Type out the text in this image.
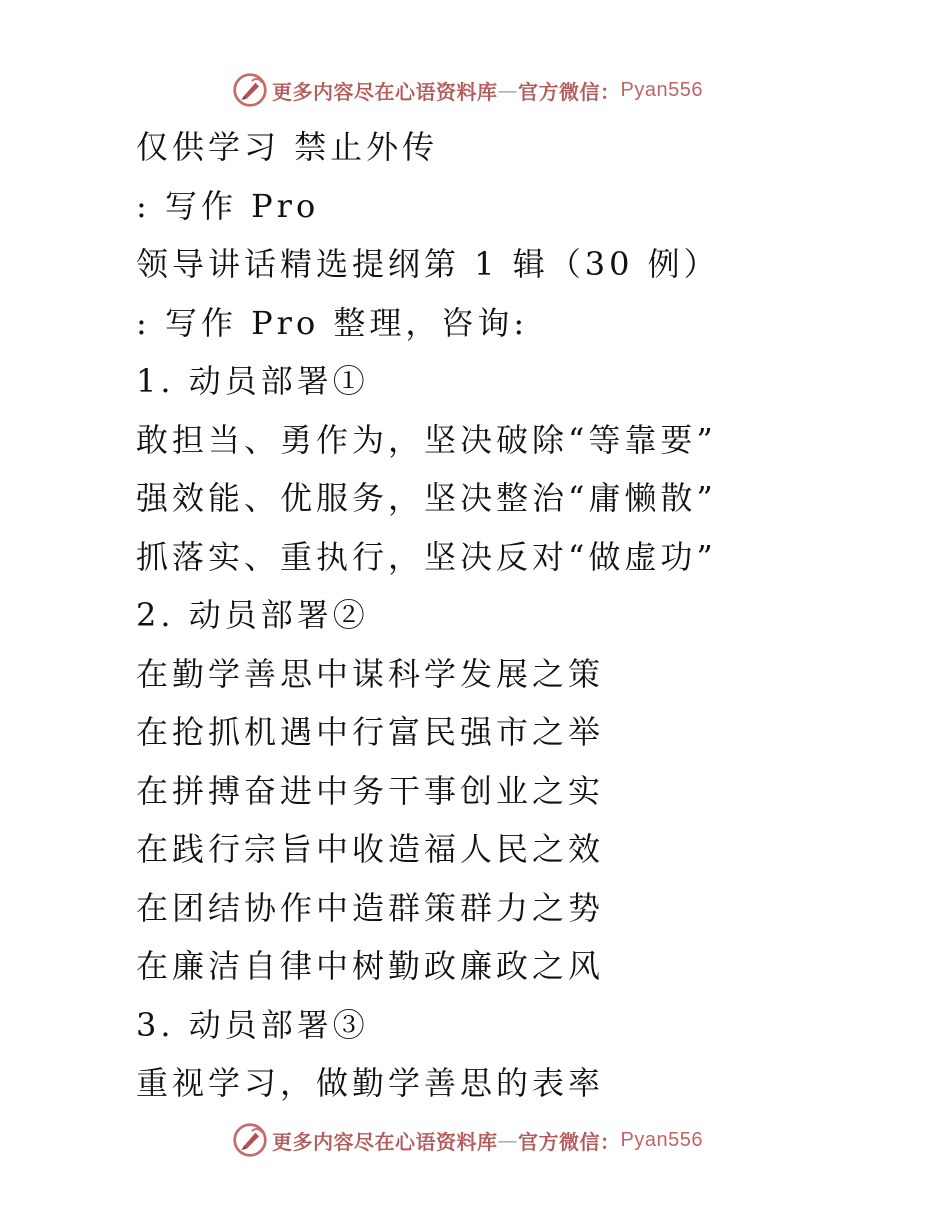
更多内容尽在心语资料库 — 官方微信： Pyan556
仅供学习 禁止外传
: 写作 Pro
领导讲话精选提纲第 1 辑（30 例）
: 写作 Pro 整理，咨询:
1. 动员部署①
敢担当、勇作为，坚决破除“等靠要”
强效能、优服务，坚决整治“庸懒散”
抓落实、重执行，坚决反对“做虚功”
2. 动员部署②
在勤学善思中谋科学发展之策
在抢抓机遇中行富民强市之举
在拼搏奋进中务干事创业之实
在践行宗旨中收造福人民之效
在团结协作中造群策群力之势
在廉洁自律中树勤政廉政之风
3. 动员部署③
重视学习，做勤学善思的表率
更多内容尽在心语资料库 — 官方微信： Pyan556
